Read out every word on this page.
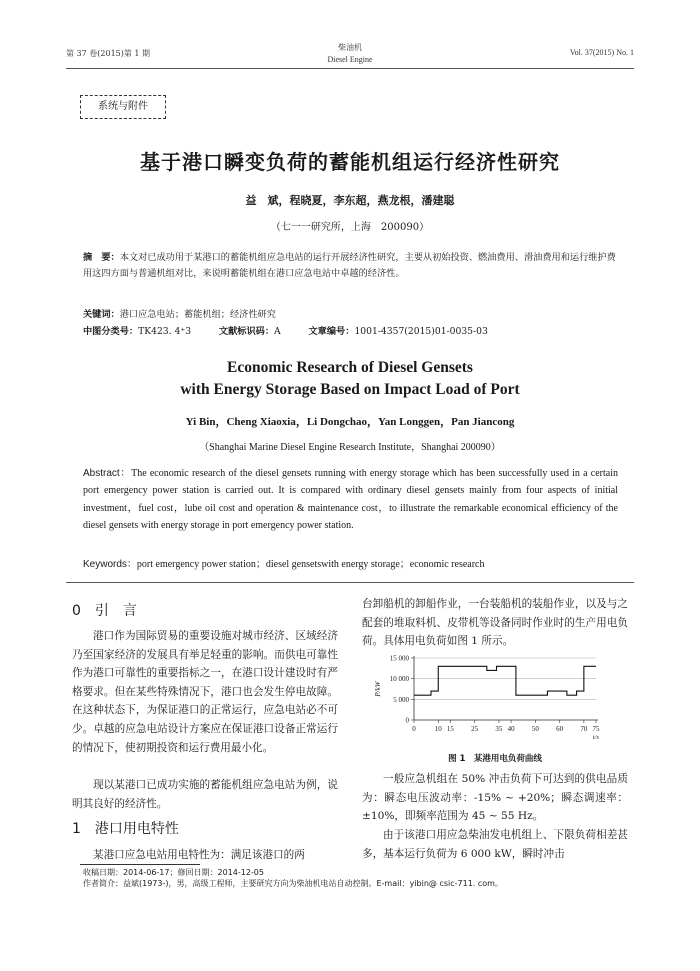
第 37 卷(2015)第 1 期
柴油机
Diesel Engine
Vol. 37(2015) No. 1
系统与附件
基于港口瞬变负荷的蓄能机组运行经济性研究
益　斌，程晓夏，李东超，燕龙根，潘建聪
（七一一研究所，上海　200090）
摘　要：本文对已成功用于某港口的蓄能机组应急电站的运行开展经济性研究，主要从初始投资、燃油费用、滑油费用和运行维护费用这四方面与普通机组对比，来说明蓄能机组在港口应急电站中卓越的经济性。
关键词：港口应急电站；蓄能机组；经济性研究
中图分类号：TK423. 4⁺3	文献标识码：A	文章编号：1001-4357(2015)01-0035-03
Economic Research of Diesel Gensets
with Energy Storage Based on Impact Load of Port
Yi Bin，Cheng Xiaoxia，Li Dongchao，Yan Longgen，Pan Jiancong
（Shanghai Marine Diesel Engine Research Institute，Shanghai 200090）
Abstract：The economic research of the diesel gensets running with energy storage which has been successfully used in a certain port emergency power station is carried out. It is compared with ordinary diesel gensets mainly from four aspects of initial investment，fuel cost，lube oil cost and operation & maintenance cost，to illustrate the remarkable economical efficiency of the diesel gensets with energy storage in port emergency power station.
Keywords：port emergency power station；diesel gensetswith energy storage；economic research
0　引　言
港口作为国际贸易的重要设施对城市经济、区域经济乃至国家经济的发展具有举足轻重的影响。而供电可靠性作为港口可靠性的重要指标之一，在港口设计建设时有严格要求。但在某些特殊情况下，港口也会发生停电故障。在这种状态下，为保证港口的正常运行，应急电站必不可少。卓越的应急电站设计方案应在保证港口设备正常运行的情况下，使初期投资和运行费用最小化。
现以某港口已成功实施的蓄能机组应急电站为例，说明其良好的经济性。
1　港口用电特性
某港口应急电站用电特性为：满足该港口的两
台卸船机的卸船作业，一台装船机的装船作业，以及与之配套的堆取料机、皮带机等设备同时作业时的生产用电负荷。具体用电负荷如图 1 所示。
0
5 000
10 000
15 000
0	10 15 25 35 40 50 60 70 75
t/s
P/kW
图 1　某港用电负荷曲线
一般应急机组在 50% 冲击负荷下可达到的供电品质为：瞬态电压波动率：-15% ~ +20%；瞬态调速率：±10%，即频率范围为 45 ~ 55 Hz。
由于该港口用应急柴油发电机组上、下限负荷相差甚多，基本运行负荷为 6 000 kW，瞬时冲击
收稿日期：2014-06-17；修回日期：2014-12-05
作者简介：益斌(1973-)，男，高级工程师，主要研究方向为柴油机电站自动控制。E-mail：yibin@ csic-711. com。
